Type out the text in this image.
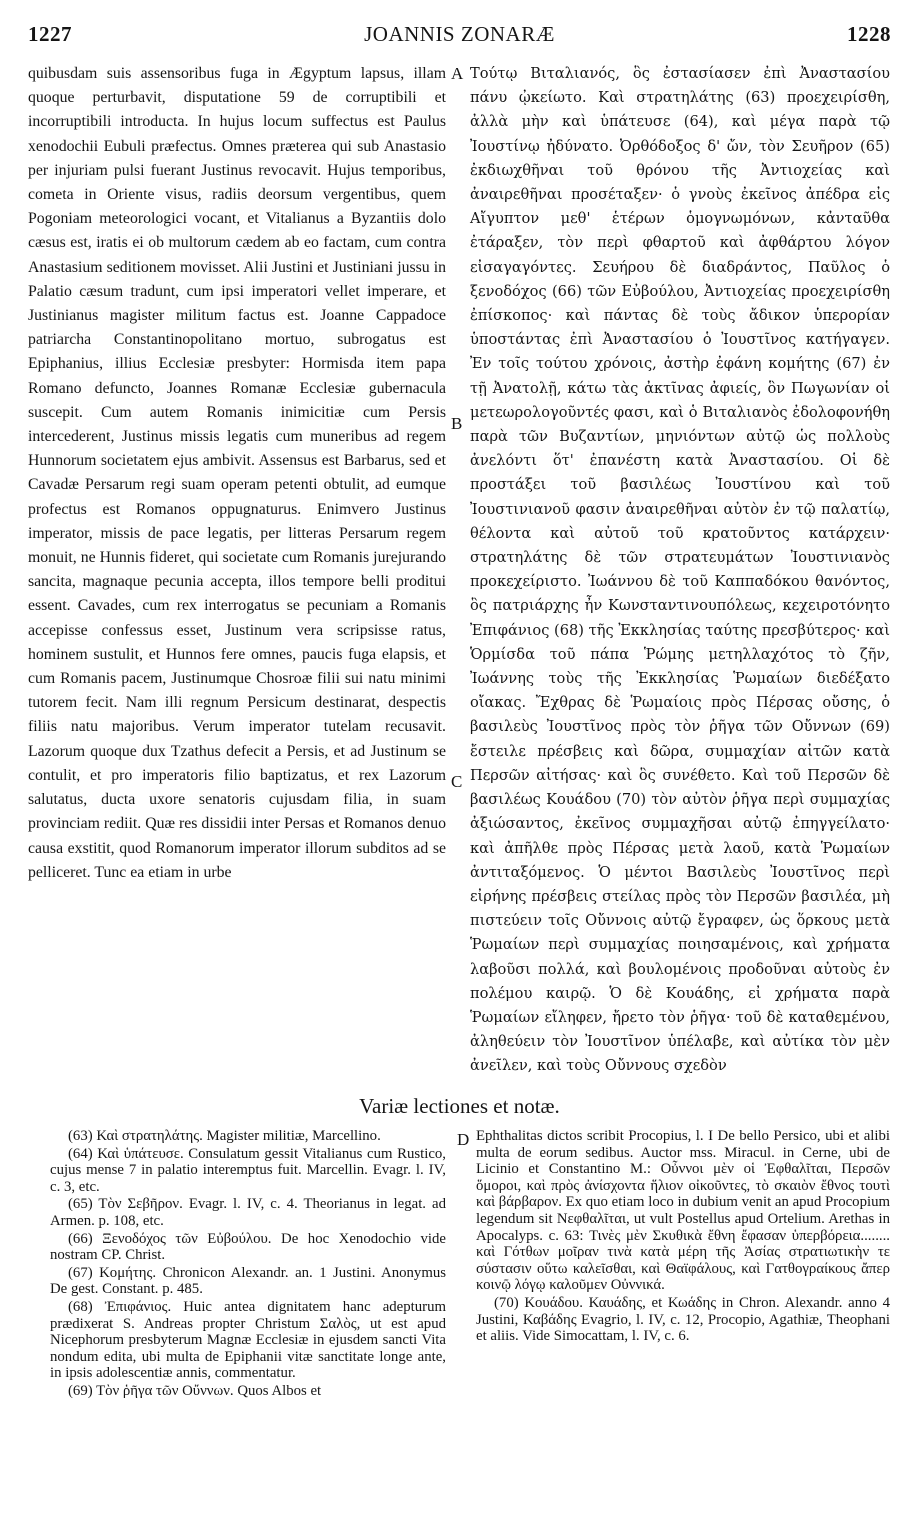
1227	JOANNIS ZONARÆ	1228
A
B
C
D

quibusdam suis assensoribus fuga in Ægyptum lapsus, illam quoque perturbavit, disputatione 59 de corruptibili et incorruptibili introducta. In hujus locum suffectus est Paulus xenodochii Eubuli præfectus. Omnes præterea qui sub Anastasio per injuriam pulsi fuerant Justinus revocavit. Hujus temporibus, cometa in Oriente visus, radiis deorsum vergentibus, quem Pogoniam meteorologici vocant, et Vitalianus a Byzantiis dolo cæsus est, iratis ei ob multorum cædem ab eo factam, cum contra Anastasium seditionem movisset. Alii Justini et Justiniani jussu in Palatio cæsum tradunt, cum ipsi imperatori vellet imperare, et Justinianus magister militum factus est. Joanne Cappadoce patriarcha Constantinopolitano mortuo, subrogatus est Epiphanius, illius Ecclesiæ presbyter: Hormisda item papa Romano defuncto, Joannes Romanæ Ecclesiæ gubernacula suscepit. Cum autem Romanis inimicitiæ cum Persis intercederent, Justinus missis legatis cum muneribus ad regem Hunnorum societatem ejus ambivit. Assensus est Barbarus, sed et Cavadæ Persarum regi suam operam petenti obtulit, ad eumque profectus est Romanos oppugnaturus. Enimvero Justinus imperator, missis de pace legatis, per litteras Persarum regem monuit, ne Hunnis fideret, qui societate cum Romanis jurejurando sancita, magnaque pecunia accepta, illos tempore belli proditui essent. Cavades, cum rex interrogatus se pecuniam a Romanis accepisse confessus esset, Justinum vera scripsisse ratus, hominem sustulit, et Hunnos fere omnes, paucis fuga elapsis, et cum Romanis pacem, Justinumque Chosroæ filii sui natu minimi tutorem fecit. Nam illi regnum Persicum destinarat, despectis filiis natu majoribus. Verum imperator tutelam recusavit. Lazorum quoque dux Tzathus defecit a Persis, et ad Justinum se contulit, et pro imperatoris filio baptizatus, et rex Lazorum salutatus, ducta uxore senatoris cujusdam filia, in suam provinciam rediit. Quæ res dissidii inter Persas et Romanos denuo causa exstitit, quod Romanorum imperator illorum subditos ad se pelliceret. Tunc ea etiam in urbe

Τούτῳ Βιταλιανός, ὃς ἐστασίασεν ἐπὶ Ἀναστασίου πάνυ ᾠκείωτο. Καὶ στρατηλάτης (63) προεχειρίσθη, ἀλλὰ μὴν καὶ ὑπάτευσε (64), καὶ μέγα παρὰ τῷ Ἰουστίνῳ ἠδύνατο. Ὀρθόδοξος δ' ὤν, τὸν Σευῆρον (65) ἐκδιωχθῆναι τοῦ θρόνου τῆς Ἀντιοχείας καὶ ἀναιρεθῆναι προσέταξεν· ὁ γνοὺς ἐκεῖνος ἀπέδρα εἰς Αἴγυπτον μεθ' ἑτέρων ὁμογνωμόνων, κἀνταῦθα ἐτάραξεν, τὸν περὶ φθαρτοῦ καὶ ἀφθάρτου λόγον εἰσαγαγόντες. Σευήρου δὲ διαδράντος, Παῦλος ὁ ξενοδόχος (66) τῶν Εὐβούλου, Ἀντιοχείας προεχειρίσθη ἐπίσκοπος· καὶ πάντας δὲ τοὺς ἄδικον ὑπερορίαν ὑποστάντας ἐπὶ Ἀναστασίου ὁ Ἰουστῖνος κατήγαγεν. Ἐν τοῖς τούτου χρόνοις, ἀστὴρ ἐφάνη κομήτης (67) ἐν τῇ Ἀνατολῇ, κάτω τὰς ἀκτῖνας ἀφιείς, ὃν Πωγωνίαν οἱ μετεωρολογοῦντές φασι, καὶ ὁ Βιταλιανὸς ἐδολοφονήθη παρὰ τῶν Βυζαντίων, μηνιόντων αὐτῷ ὡς πολλοὺς ἀνελόντι ὅτ' ἐπανέστη κατὰ Ἀναστασίου. Οἱ δὲ προστάξει τοῦ βασιλέως Ἰουστίνου καὶ τοῦ Ἰουστινιανοῦ φασιν ἀναιρεθῆναι αὐτὸν ἐν τῷ παλατίῳ, θέλοντα καὶ αὐτοῦ τοῦ κρατοῦντος κατάρχειν· στρατηλάτης δὲ τῶν στρατευμάτων Ἰουστινιανὸς προκεχείριστο. Ἰωάννου δὲ τοῦ Καππαδόκου θανόντος, ὃς πατριάρχης ἦν Κωνσταντινουπόλεως, κεχειροτόνητο Ἐπιφάνιος (68) τῆς Ἐκκλησίας ταύτης πρεσβύτερος· καὶ Ὁρμίσδα τοῦ πάπα Ῥώμης μετηλλαχότος τὸ ζῆν, Ἰωάννης τοὺς τῆς Ἐκκλησίας Ῥωμαίων διεδέξατο οἴακας. Ἔχθρας δὲ Ῥωμαίοις πρὸς Πέρσας οὔσης, ὁ βασιλεὺς Ἰουστῖνος πρὸς τὸν ῥῆγα τῶν Οὔννων (69) ἔστειλε πρέσβεις καὶ δῶρα, συμμαχίαν αἰτῶν κατὰ Περσῶν αἰτήσας· καὶ ὃς συνέθετο. Καὶ τοῦ Περσῶν δὲ βασιλέως Κουάδου (70) τὸν αὐτὸν ῥῆγα περὶ συμμαχίας ἀξιώσαντος, ἐκεῖνος συμμαχῆσαι αὐτῷ ἐπηγγείλατο· καὶ ἀπῆλθε πρὸς Πέρσας μετὰ λαοῦ, κατὰ Ῥωμαίων ἀντιταξόμενος. Ὁ μέντοι Βασιλεὺς Ἰουστῖνος περὶ εἰρήνης πρέσβεις στείλας πρὸς τὸν Περσῶν βασιλέα, μὴ πιστεύειν τοῖς Οὔννοις αὐτῷ ἔγραφεν, ὡς ὅρκους μετὰ Ῥωμαίων περὶ συμμαχίας ποιησαμένοις, καὶ χρήματα λαβοῦσι πολλά, καὶ βουλομένοις προδοῦναι αὐτοὺς ἐν πολέμου καιρῷ. Ὁ δὲ Κουάδης, εἰ χρήματα παρὰ Ῥωμαίων εἴληφεν, ἤρετο τὸν ῥῆγα· τοῦ δὲ καταθεμένου, ἀληθεύειν τὸν Ἰουστῖνον ὑπέλαβε, καὶ αὐτίκα τὸν μὲν ἀνεῖλεν, καὶ τοὺς Οὔννους σχεδὸν

Variæ lectiones et notæ.

(63) Καὶ στρατηλάτης. Magister militiæ, Marcellino.

(64) Καὶ ὑπάτευσε. Consulatum gessit Vitalianus cum Rustico, cujus mense 7 in palatio interemptus fuit. Marcellin. Evagr. l. IV, c. 3, etc.

(65) Τὸν Σεβῆρον. Evagr. l. IV, c. 4. Theorianus in legat. ad Armen. p. 108, etc.

(66) Ξενοδόχος τῶν Εὐβούλου. De hoc Xenodochio vide nostram CP. Christ.

(67) Κομήτης. Chronicon Alexandr. an. 1 Justini. Anonymus De gest. Constant. p. 485.

(68) Ἐπιφάνιος. Huic antea dignitatem hanc adepturum prædixerat S. Andreas propter Christum Σαλὸς, ut est apud Nicephorum presbyterum Magnæ Ecclesiæ in ejusdem sancti Vita nondum edita, ubi multa de Epiphanii vitæ sanctitate longe ante, in ipsis adolescentiæ annis, commentatur.

(69) Τὸν ῥῆγα τῶν Οὔννων. Quos Albos et

Ephthalitas dictos scribit Procopius, l. I De bello Persico, ubi et alibi multa de eorum sedibus. Auctor mss. Miracul. in Cerne, ubi de Licinio et Constantino M.: Οὖννοι μὲν οἱ Ἐφθαλῖται, Περσῶν ὅμοροι, καὶ πρὸς ἀνίσχοντα ἥλιον οἰκοῦντες, τὸ σκαιὸν ἔθνος τουτὶ καὶ βάρβαρον. Ex quo etiam loco in dubium venit an apud Procopium legendum sit Νεφθαλῖται, ut vult Postellus apud Ortelium. Arethas in Apocalyps. c. 63: Τινὲς μὲν Σκυθικὰ ἔθνη ἔφασαν ὑπερβόρεια........ καὶ Γότθων μοῖραν τινὰ κατὰ μέρη τῆς Ἀσίας στρατιωτικὴν τε σύστασιν οὕτω καλεῖσθαι, καὶ Θαϊφάλους, καὶ Γατθογραίκους ἄπερ κοινῷ λόγῳ καλοῦμεν Οὐννικά.

(70) Κουάδου. Καυάδης, et Κωάδης in Chron. Alexandr. anno 4 Justini, Καβάδης Evagrio, l. IV, c. 12, Procopio, Agathiæ, Theophani et aliis. Vide Simocattam, l. IV, c. 6.
